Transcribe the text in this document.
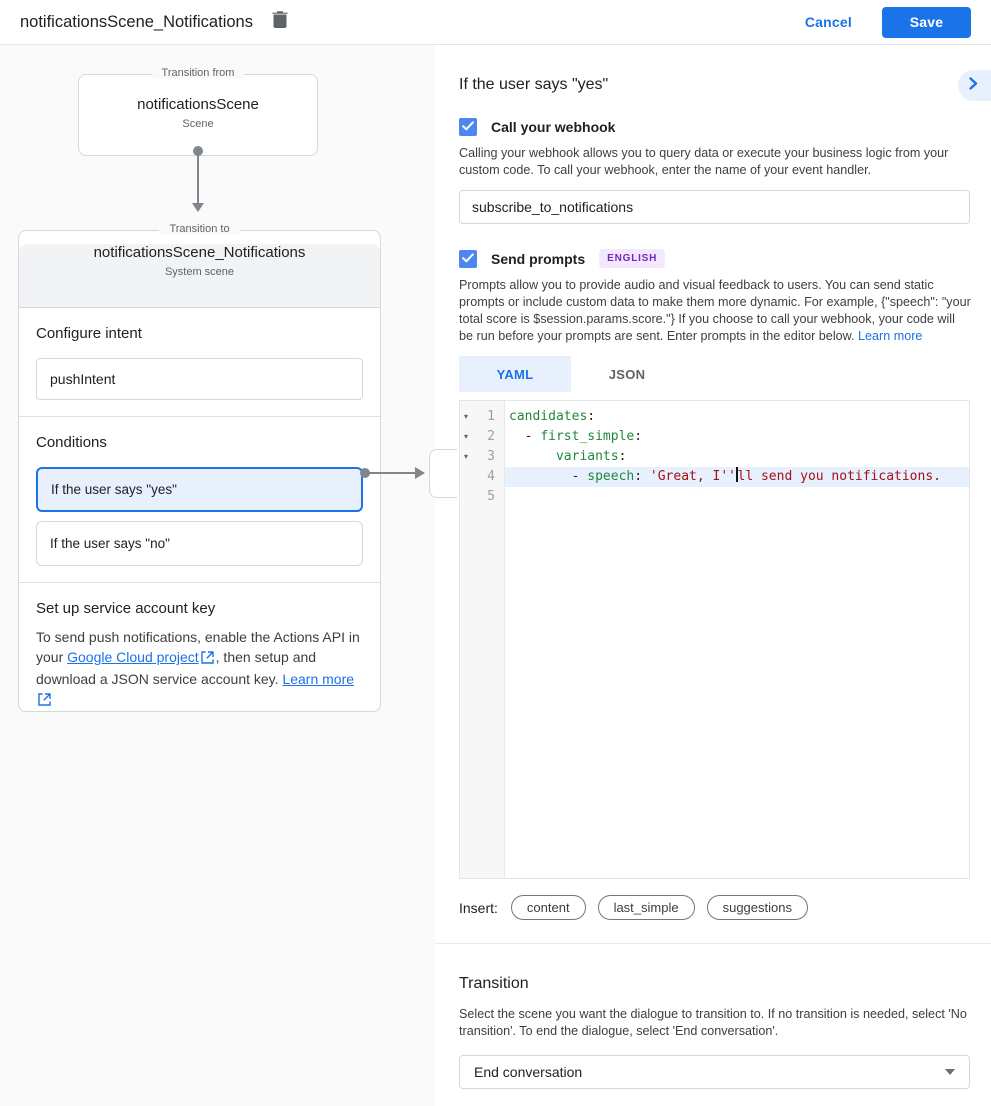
notificationsScene_Notifications	Cancel	Save
Transition from
notificationsScene
Scene
Transition to
notificationsScene_Notifications
System scene
Configure intent
pushIntent
Conditions
If the user says "yes"
If the user says "no"
Set up service account key
To send push notifications, enable the Actions API in your Google Cloud project , then setup and download a JSON service account key. Learn more

If the user says "yes"
Call your webhook
Calling your webhook allows you to query data or execute your business logic from your custom code. To call your webhook, enter the name of your event handler.
subscribe_to_notifications
Send prompts	ENGLISH
Prompts allow you to provide audio and visual feedback to users. You can send static prompts or include custom data to make them more dynamic. For example, {"speech": "your total score is $session.params.score."} If you choose to call your webhook, your code will be run before your prompts are sent. Enter prompts in the editor below. Learn more
YAML	JSON
▾ 1
▾ 2
▾ 3
4
5
candidates:
- first_simple:
variants:
- speech: 'Great, I'' ll send you notifications.
Insert:	content	last_simple	suggestions
Transition
Select the scene you want the dialogue to transition to. If no transition is needed, select 'No transition'. To end the dialogue, select 'End conversation'.
End conversation
